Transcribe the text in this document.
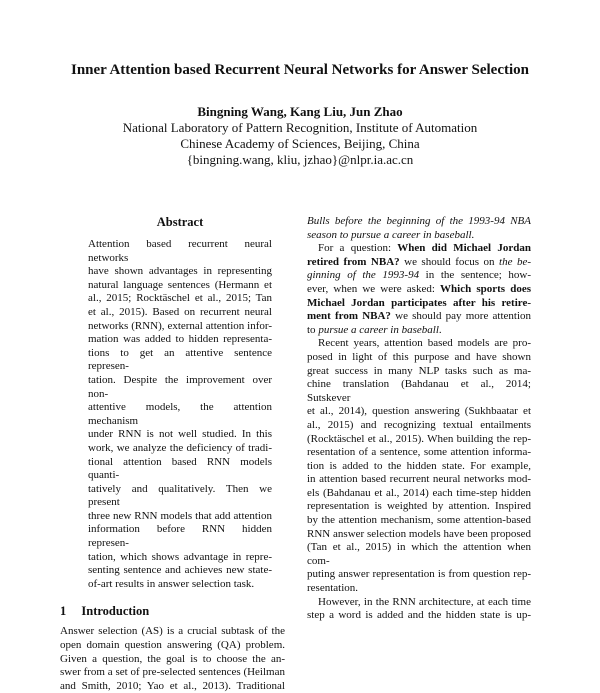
Inner Attention based Recurrent Neural Networks for Answer Selection
Bingning Wang, Kang Liu, Jun Zhao
National Laboratory of Pattern Recognition, Institute of Automation
Chinese Academy of Sciences, Beijing, China
{bingning.wang, kliu, jzhao}@nlpr.ia.ac.cn
Abstract
Attention based recurrent neural networks
have shown advantages in representing
natural language sentences (Hermann et
al., 2015; Rocktäschel et al., 2015; Tan
et al., 2015). Based on recurrent neural
networks (RNN), external attention infor-
mation was added to hidden representa-
tions to get an attentive sentence represen-
tation. Despite the improvement over non-
attentive models, the attention mechanism
under RNN is not well studied. In this
work, we analyze the deficiency of tradi-
tional attention based RNN models quanti-
tatively and qualitatively. Then we present
three new RNN models that add attention
information before RNN hidden represen-
tation, which shows advantage in repre-
senting sentence and achieves new state-
of-art results in answer selection task.
1 Introduction
Answer selection (AS) is a crucial subtask of the
open domain question answering (QA) problem.
Given a question, the goal is to choose the an-
swer from a set of pre-selected sentences (Heilman
and Smith, 2010; Yao et al., 2013). Traditional
Bulls before the beginning of the 1993-94 NBA
season to pursue a career in baseball.
For a question: When did Michael Jordan
retired from NBA? we should focus on the be-
ginning of the 1993-94 in the sentence; how-
ever, when we were asked: Which sports does
Michael Jordan participates after his retire-
ment from NBA? we should pay more attention
to pursue a career in baseball.
Recent years, attention based models are pro-
posed in light of this purpose and have shown
great success in many NLP tasks such as ma-
chine translation (Bahdanau et al., 2014; Sutskever
et al., 2014), question answering (Sukhbaatar et
al., 2015) and recognizing textual entailments
(Rocktäschel et al., 2015). When building the rep-
resentation of a sentence, some attention informa-
tion is added to the hidden state. For example,
in attention based recurrent neural networks mod-
els (Bahdanau et al., 2014) each time-step hidden
representation is weighted by attention. Inspired
by the attention mechanism, some attention-based
RNN answer selection models have been proposed
(Tan et al., 2015) in which the attention when com-
puting answer representation is from question rep-
resentation.
However, in the RNN architecture, at each time
step a word is added and the hidden state is up-
